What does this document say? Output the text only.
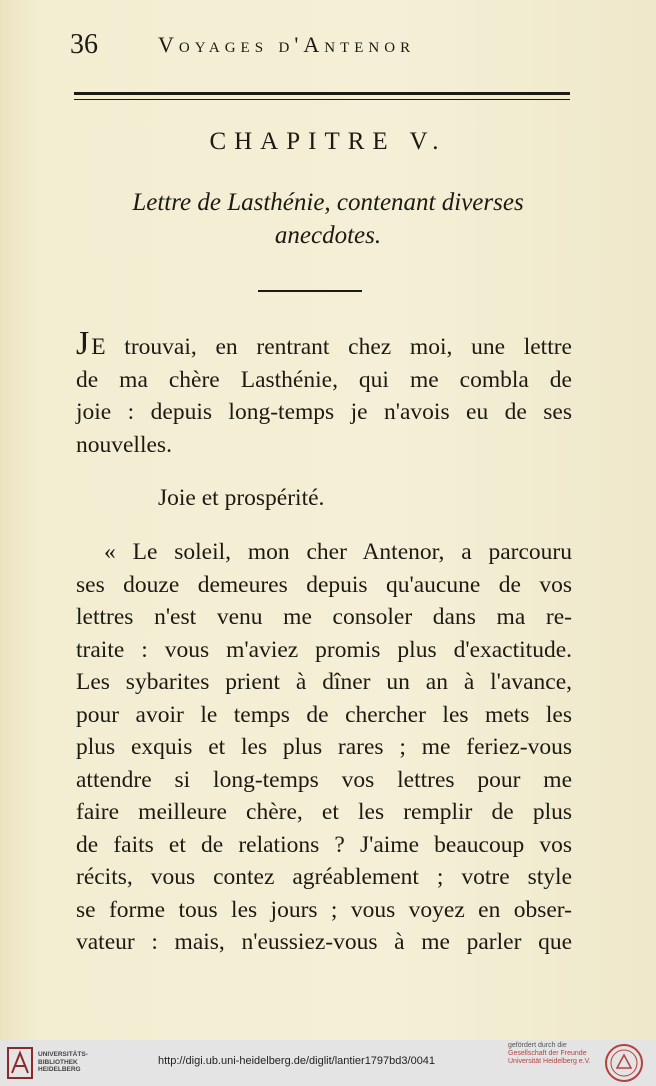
36	Voyages d'Antenor
CHAPITRE V.
Lettre de Lasthénie, contenant diverses
anecdotes.
JE trouvai, en rentrant chez moi, une lettre
de ma chère Lasthénie, qui me combla de
joie : depuis long-temps je n'avois eu de ses
nouvelles.
Joie et prospérité.
« Le soleil, mon cher Antenor, a parcouru
ses douze demeures depuis qu'aucune de vos
lettres n'est venu me consoler dans ma re-
traite : vous m'aviez promis plus d'exactitude.
Les sybarites prient à dîner un an à l'avance,
pour avoir le temps de chercher les mets les
plus exquis et les plus rares ; me feriez-vous
attendre si long-temps vos lettres pour me
faire meilleure chère, et les remplir de plus
de faits et de relations ? J'aime beaucoup vos
récits, vous contez agréablement ; votre style
se forme tous les jours ; vous voyez en obser-
vateur : mais, n'eussiez-vous à me parler que
UNIVERSITÄTS-
BIBLIOTHEK
HEIDELBERG
http://digi.ub.uni-heidelberg.de/diglit/lantier1797bd3/0041
gefördert durch die
Gesellschaft der Freunde
Universität Heidelberg e.V.
